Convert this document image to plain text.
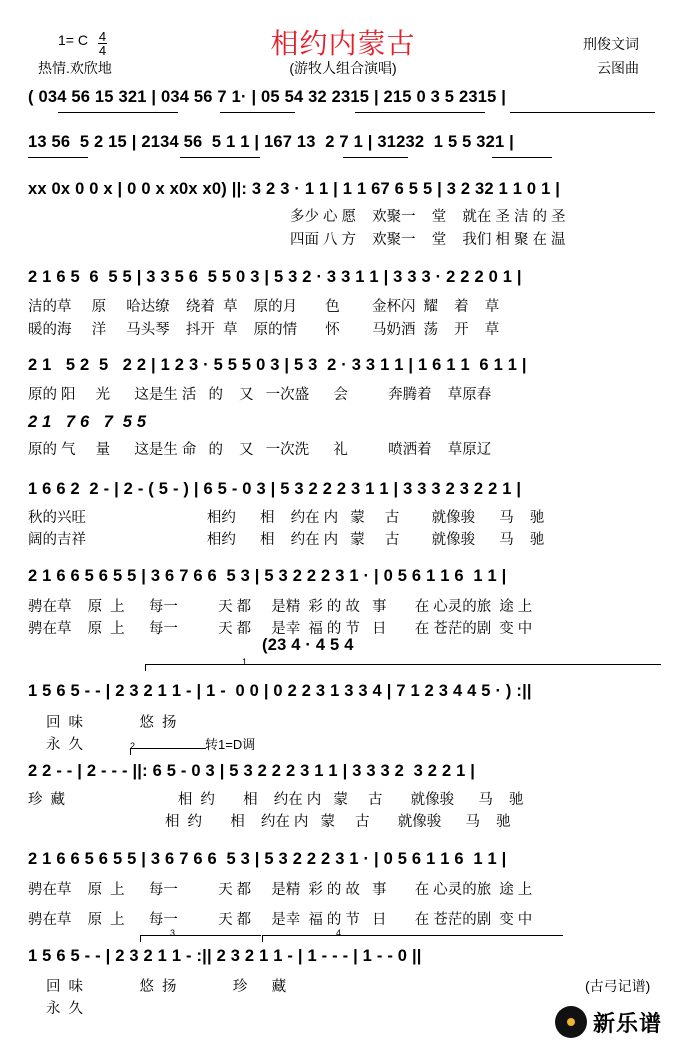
1= C 4
4	相约内蒙古
(游牧人组合演唱)
热情.欢欣地
刑俊文词
云图曲
( 034 56 15 321 | 034 56 7 1· | 05 54 32 2315 | 215 0 3 5 2315 |
13 56  5 2 15 | 2134 56  5 1 1 | 167 13  2 7 1 | 31232  1 5 5 321 |
xx 0x 0 0 x | 0 0 x x0x x0) ||: 3 2 3 · 1 1 | 1 1 67 6 5 5 | 3 2 32 1 1 0 1 |
多少 心 愿    欢聚一    堂    就在 圣 洁 的 圣
四面 八 方    欢聚一    堂    我们 相 聚 在 温
2 1 6 5  6  5 5 | 3 3 5 6  5 5 0 3 | 5 3 2 · 3 3 1 1 | 3 3 3 · 2 2 2 0 1 |
洁的草     原     哈达缭    绕着  草    原的月       色        金杯闪  耀    着    草
暖的海     洋     马头琴    抖开  草    原的情       怀        马奶酒  荡    开    草
2 1   5 2  5   2 2 | 1 2 3 · 5 5 5 0 3 | 5 3  2 · 3 3 1 1 | 1 6 1 1  6 1 1 |
原的 阳     光      这是生 活   的    又   一次盛      会          奔腾着    草原春
2 1   7 6   7  5 5
原的 气     量      这是生 命   的    又   一次洗      礼          喷洒着    草原辽
1 6 6 2  2 - | 2 - ( 5 - ) | 6 5 - 0 3 | 5 3 2 2 2 3 1 1 | 3 3 3 2 3 2 2 1 |
秋的兴旺                              相约      相    约在 内   蒙     古        就像骏      马    驰
阔的吉祥                              相约      相    约在 内   蒙     古        就像骏      马    驰
2 1 6 6 5 6 5 5 | 3 6 7 6 6  5 3 | 5 3 2 2 2 3 1 · | 0 5 6 1 1 6  1 1 |
骋在草    原  上      每一          天 都     是精  彩 的 故   事       在 心灵的旅  途 上
骋在草    原  上      每一          天 都     是幸  福 的 节   日       在 苍茫的剧  变 中
(23 4 · 4 5 4
1
1 5 6 5 - - | 2 3 2 1 1 - | 1 -  0 0 | 0 2 2 3 1 3 3 4 | 7 1 2 3 4 4 5 · ) :||
回  味              悠  扬
永  久	2	转1=D调
2 2 - - | 2 - - - ||: 6 5 - 0 3 | 5 3 2 2 2 3 1 1 | 3 3 3 2  3 2 2 1 |
珍  藏                            相  约       相    约在 内   蒙     古       就像骏      马    驰
相  约       相    约在 内   蒙     古       就像骏      马    驰
2 1 6 6 5 6 5 5 | 3 6 7 6 6  5 3 | 5 3 2 2 2 3 1 · | 0 5 6 1 1 6  1 1 |
骋在草    原  上      每一          天 都     是精  彩 的 故   事       在 心灵的旅  途 上
骋在草    原  上      每一          天 都     是幸  福 的 节   日       在 苍茫的剧  变 中
3	4
1 5 6 5 - - | 2 3 2 1 1 - :|| 2 3 2 1 1 - | 1 - - - | 1 - - 0 ||
回  味              悠  扬              珍      藏
永  久
(古弓记谱)
新乐谱
